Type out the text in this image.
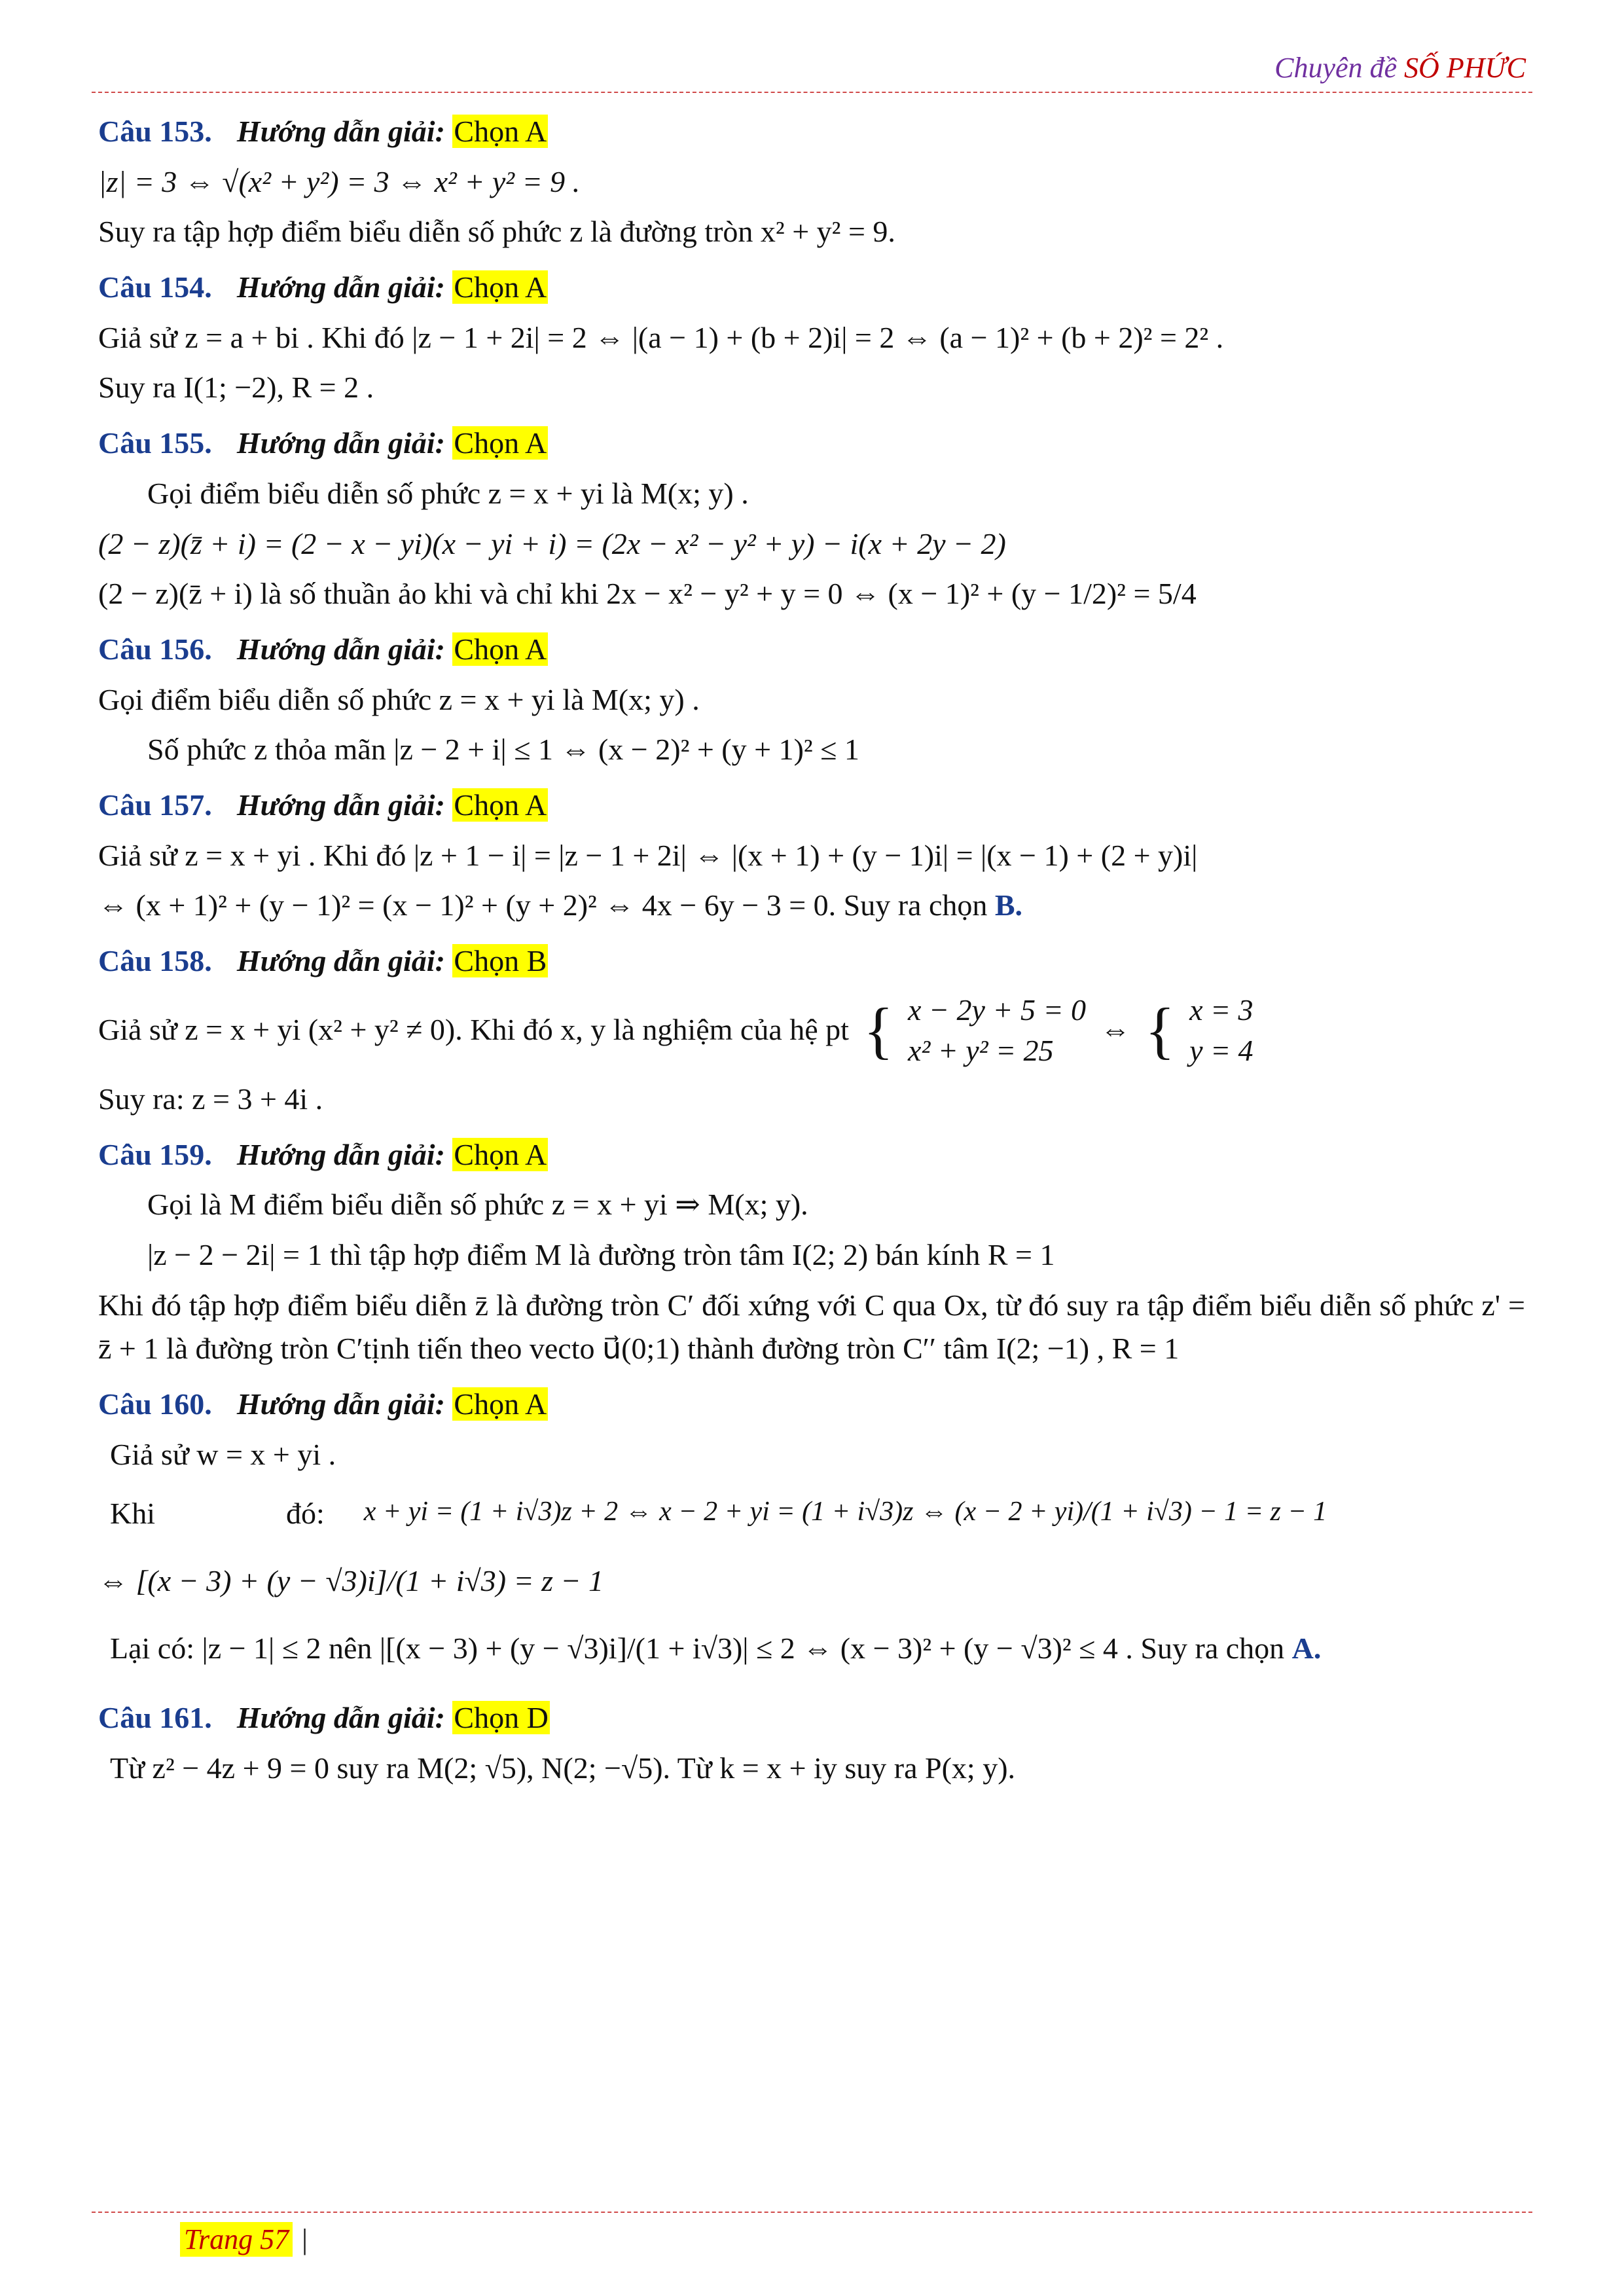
Chuyên đề SỐ PHỨC

Câu 153. Hướng dẫn giải: Chọn A

|z| = 3 ⇔ √(x² + y²) = 3 ⇔ x² + y² = 9 .

Suy ra tập hợp điểm biểu diễn số phức z là đường tròn x² + y² = 9.

Câu 154. Hướng dẫn giải: Chọn A

Giả sử z = a + bi . Khi đó |z − 1 + 2i| = 2 ⇔ |(a − 1) + (b + 2)i| = 2 ⇔ (a − 1)² + (b + 2)² = 2² .

Suy ra I(1; −2), R = 2 .

Câu 155. Hướng dẫn giải: Chọn A

Gọi điểm biểu diễn số phức z = x + yi là M(x; y) .

(2 − z)(z̄ + i) = (2 − x − yi)(x − yi + i) = (2x − x² − y² + y) − i(x + 2y − 2)

(2 − z)(z̄ + i) là số thuần ảo khi và chỉ khi 2x − x² − y² + y = 0 ⇔ (x − 1)² + (y − 1/2)² = 5/4

Câu 156. Hướng dẫn giải: Chọn A

Gọi điểm biểu diễn số phức z = x + yi là M(x; y) .

Số phức z thỏa mãn |z − 2 + i| ≤ 1 ⇔ (x − 2)² + (y + 1)² ≤ 1

Câu 157. Hướng dẫn giải: Chọn A

Giả sử z = x + yi . Khi đó |z + 1 − i| = |z − 1 + 2i| ⇔ |(x + 1) + (y − 1)i| = |(x − 1) + (2 + y)i|

⇔ (x + 1)² + (y − 1)² = (x − 1)² + (y + 2)² ⇔ 4x − 6y − 3 = 0. Suy ra chọn B.

Câu 158. Hướng dẫn giải: Chọn B

Giả sử z = x + yi (x² + y² ≠ 0). Khi đó x, y là nghiệm của hệ pt { x − 2y + 5 = 0
x² + y² = 25
⇔ { x = 3
y = 4

Suy ra: z = 3 + 4i .

Câu 159. Hướng dẫn giải: Chọn A

Gọi là M điểm biểu diễn số phức z = x + yi ⇒ M(x; y).

|z − 2 − 2i| = 1 thì tập hợp điểm M là đường tròn tâm I(2; 2) bán kính R = 1

Khi đó tập hợp điểm biểu diễn z̄ là đường tròn C′ đối xứng với C qua Ox, từ đó suy ra tập điểm biểu diễn số phức z' = z̄ + 1 là đường tròn C′tịnh tiến theo vecto u⃗(0;1) thành đường tròn C′′ tâm I(2; −1) , R = 1

Câu 160. Hướng dẫn giải: Chọn A

Giả sử w = x + yi .

Khi	đó: x + yi = (1 + i√3)z + 2 ⇔ x − 2 + yi = (1 + i√3)z ⇔ (x − 2 + yi)/(1 + i√3) − 1 = z − 1

⇔ [(x − 3) + (y − √3)i]/(1 + i√3) = z − 1

Lại có: |z − 1| ≤ 2 nên |[(x − 3) + (y − √3)i]/(1 + i√3)| ≤ 2 ⇔ (x − 3)² + (y − √3)² ≤ 4 . Suy ra chọn A.

Câu 161. Hướng dẫn giải: Chọn D

Từ z² − 4z + 9 = 0 suy ra M(2; √5), N(2; −√5). Từ k = x + iy suy ra P(x; y).

Trang 57 |
